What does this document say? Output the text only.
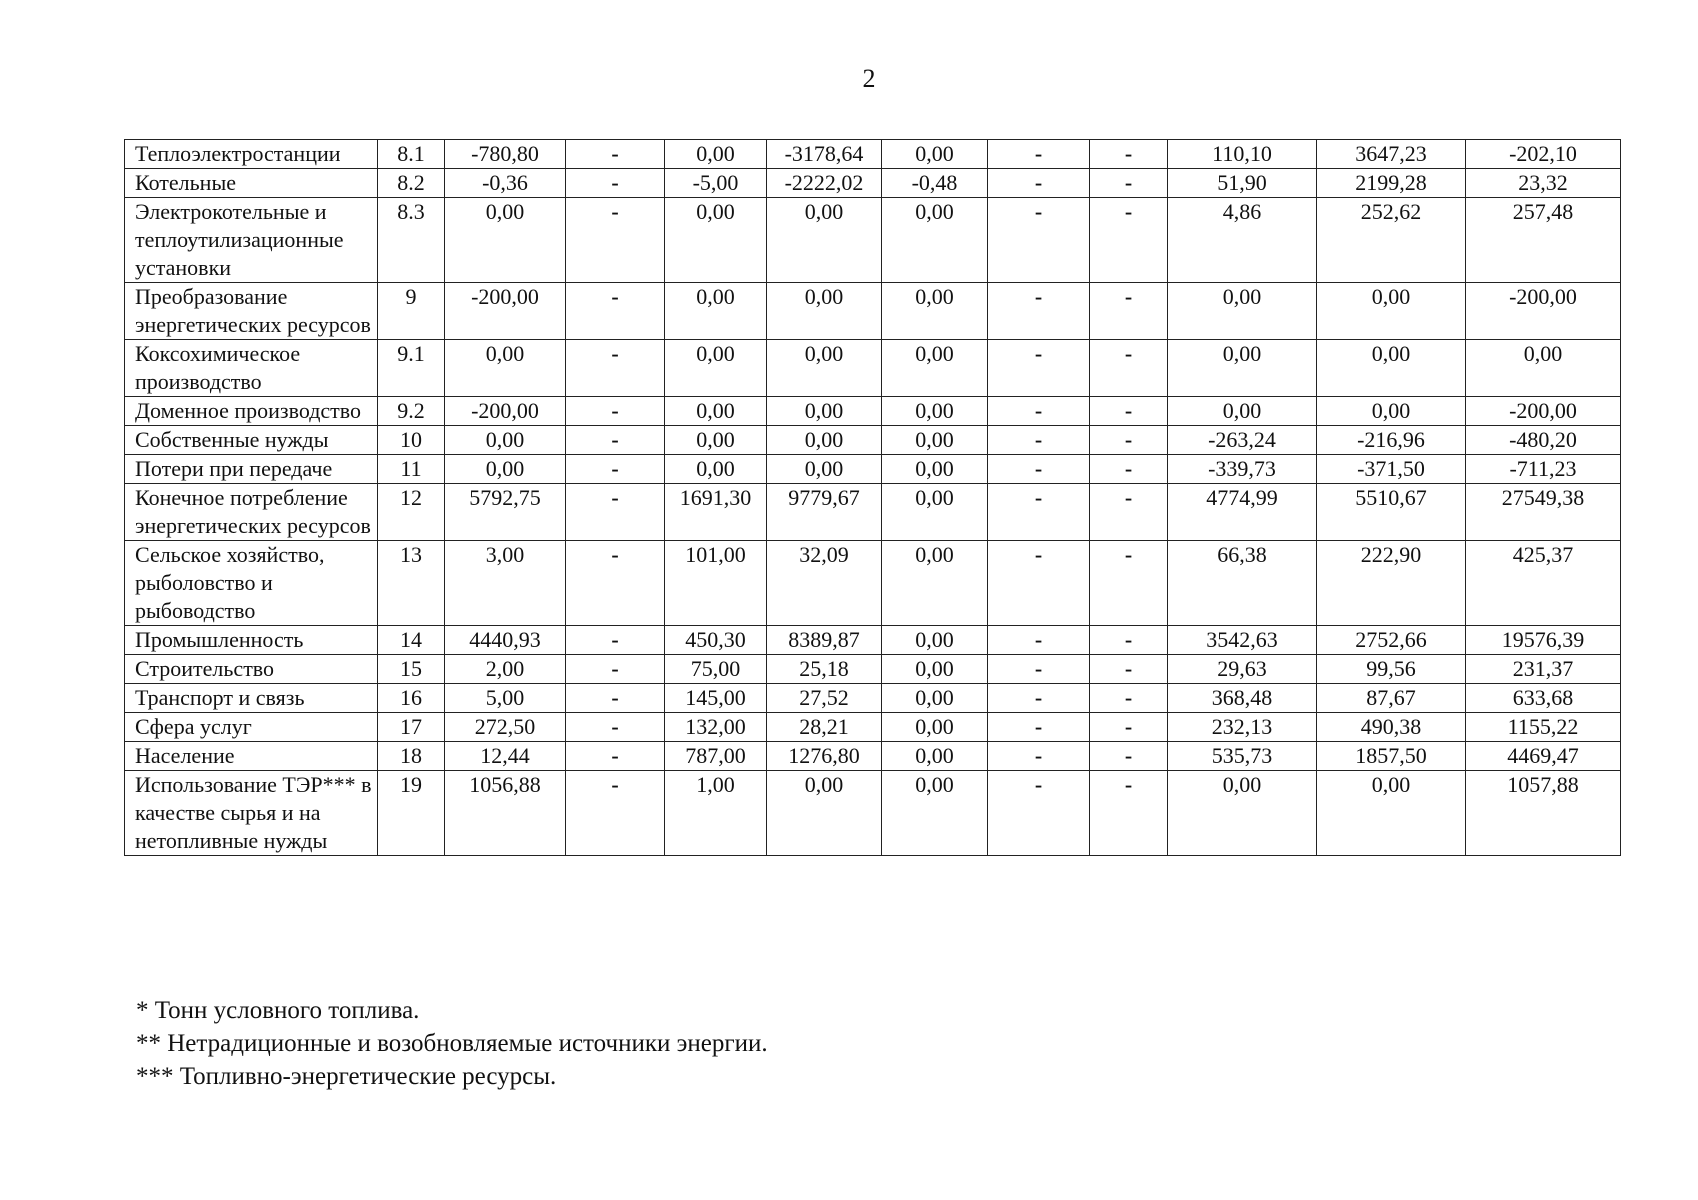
2
Теплоэлектростанции	8.1	-780,80	-	0,00	-3178,64	0,00	-	-	110,10	3647,23	-202,10
Котельные	8.2	-0,36	-	-5,00	-2222,02	-0,48	-	-	51,90	2199,28	23,32
Электрокотельные и теплоутилизационные установки	8.3	0,00	-	0,00	0,00	0,00	-	-	4,86	252,62	257,48
Преобразование энергетических ресурсов	9	-200,00	-	0,00	0,00	0,00	-	-	0,00	0,00	-200,00
Коксохимическое производство	9.1	0,00	-	0,00	0,00	0,00	-	-	0,00	0,00	0,00
Доменное производство	9.2	-200,00	-	0,00	0,00	0,00	-	-	0,00	0,00	-200,00
Собственные нужды	10	0,00	-	0,00	0,00	0,00	-	-	-263,24	-216,96	-480,20
Потери при передаче	11	0,00	-	0,00	0,00	0,00	-	-	-339,73	-371,50	-711,23
Конечное потребление энергетических ресурсов	12	5792,75	-	1691,30	9779,67	0,00	-	-	4774,99	5510,67	27549,38
Сельское хозяйство, рыболовство и рыбоводство	13	3,00	-	101,00	32,09	0,00	-	-	66,38	222,90	425,37
Промышленность	14	4440,93	-	450,30	8389,87	0,00	-	-	3542,63	2752,66	19576,39
Строительство	15	2,00	-	75,00	25,18	0,00	-	-	29,63	99,56	231,37
Транспорт и связь	16	5,00	-	145,00	27,52	0,00	-	-	368,48	87,67	633,68
Сфера услуг	17	272,50	-	132,00	28,21	0,00	-	-	232,13	490,38	1155,22
Население	18	12,44	-	787,00	1276,80	0,00	-	-	535,73	1857,50	4469,47
Использование ТЭР*** в качестве сырья и на нетопливные нужды	19	1056,88	-	1,00	0,00	0,00	-	-	0,00	0,00	1057,88
* Тонн условного топлива.
** Нетрадиционные и возобновляемые источники энергии.
*** Топливно-энергетические ресурсы.
